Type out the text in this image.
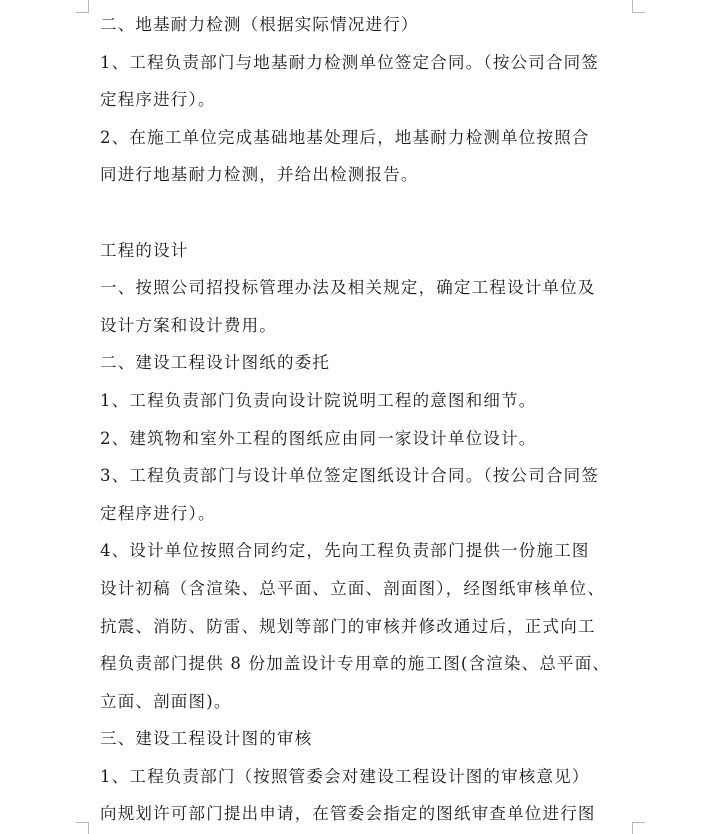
二、地基耐力检测（根据实际情况进行）

1、工程负责部门与地基耐力检测单位签定合同。（按公司合同签

定程序进行）。

2、在施工单位完成基础地基处理后，地基耐力检测单位按照合

同进行地基耐力检测，并给出检测报告。

工程的设计

一、按照公司招投标管理办法及相关规定，确定工程设计单位及

设计方案和设计费用。

二、建设工程设计图纸的委托

1、工程负责部门负责向设计院说明工程的意图和细节。

2、建筑物和室外工程的图纸应由同一家设计单位设计。

3、工程负责部门与设计单位签定图纸设计合同。（按公司合同签

定程序进行）。

4、设计单位按照合同约定，先向工程负责部门提供一份施工图

设计初稿（含渲染、总平面、立面、剖面图），经图纸审核单位、

抗震、消防、防雷、规划等部门的审核并修改通过后，正式向工

程负责部门提供 8 份加盖设计专用章的施工图(含渲染、总平面、

立面、剖面图)。

三、建设工程设计图的审核

1、工程负责部门（按照管委会对建设工程设计图的审核意见）

向规划许可部门提出申请，在管委会指定的图纸审查单位进行图
